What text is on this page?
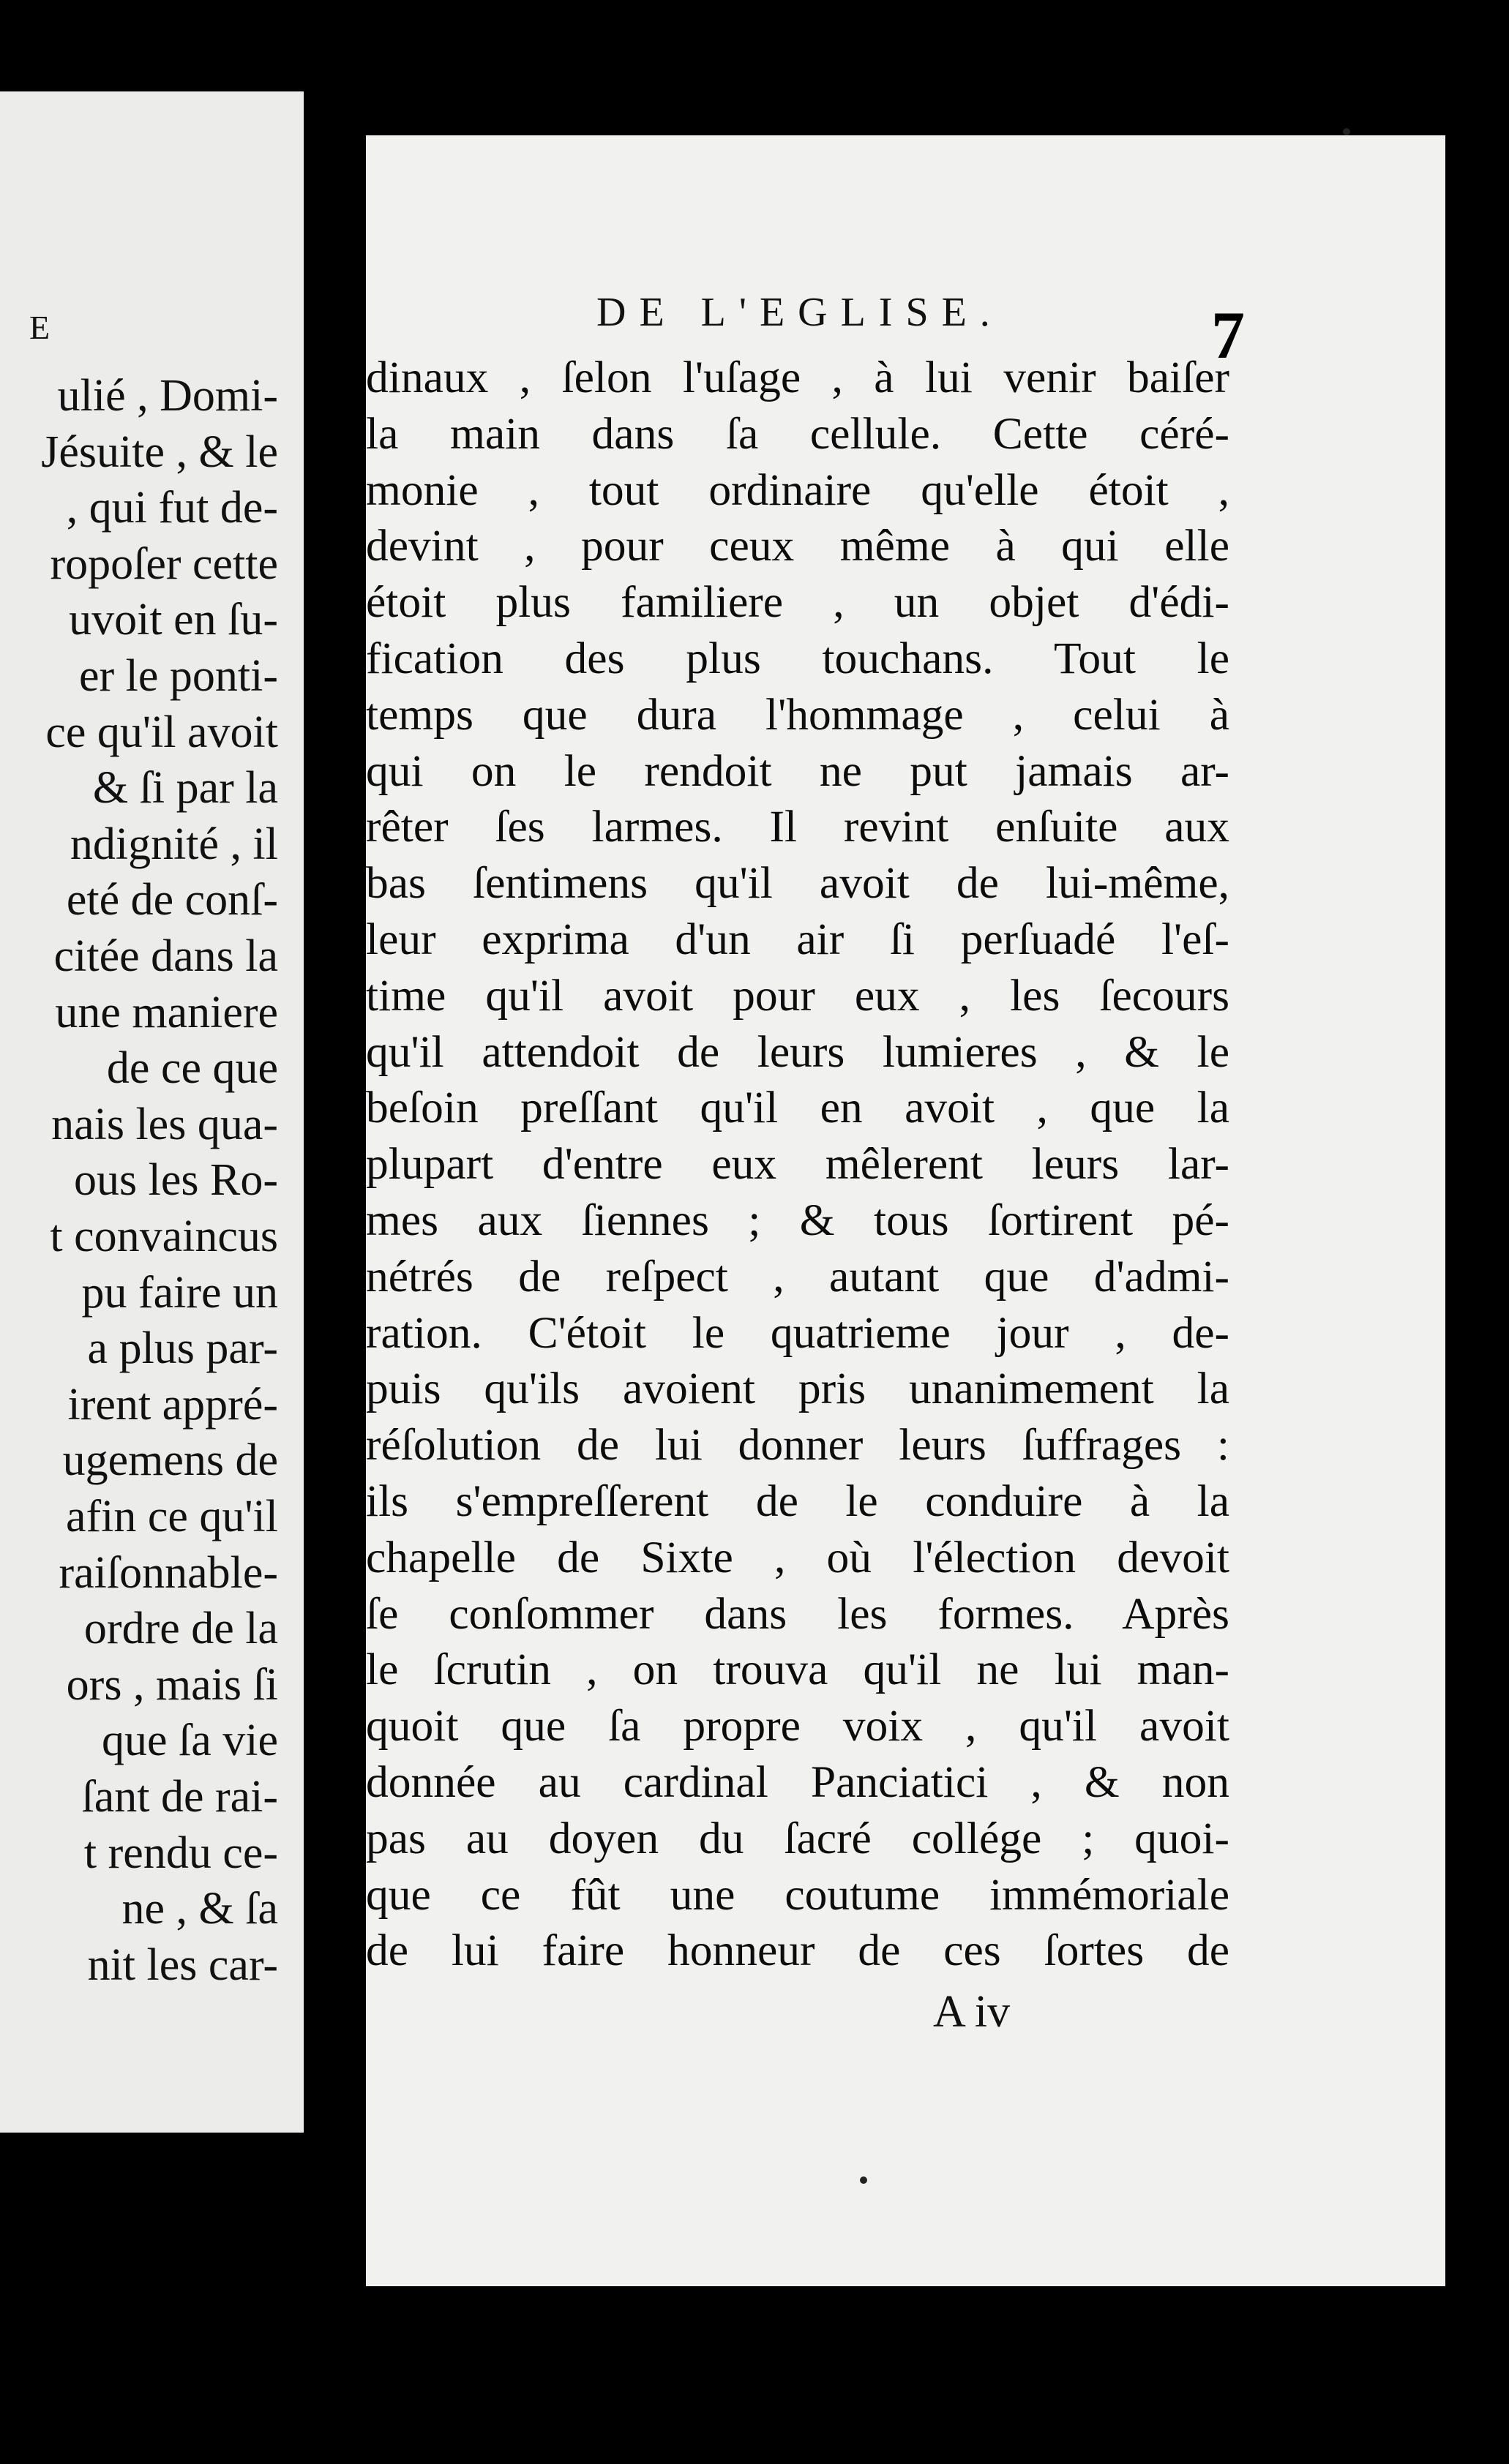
E
ulié , Domi-
Jésuite , & le
, qui fut de-
ropoſer cette
uvoit en ſu-
er le ponti-
ce qu'il avoit
& ſi par la
ndignité , il
eté de conſ-
citée dans la
une maniere
de ce que
nais les qua-
ous les Ro-
t convaincus
pu faire un
a plus par-
irent appré-
ugemens de
afin ce qu'il
raiſonnable-
ordre de la
ors , mais ſi
que ſa vie
ſant de rai-
t rendu ce-
ne , & ſa
nit les car-
DE L'EGLISE.	7
dinaux , ſelon l'uſage , à lui venir baiſer
la main dans ſa cellule. Cette céré-
monie , tout ordinaire qu'elle étoit ,
devint , pour ceux même à qui elle
étoit plus familiere , un objet d'édi-
fication des plus touchans. Tout le
temps que dura l'hommage , celui à
qui on le rendoit ne put jamais ar-
rêter ſes larmes. Il revint enſuite aux
bas ſentimens qu'il avoit de lui-même,
leur exprima d'un air ſi perſuadé l'eſ-
time qu'il avoit pour eux , les ſecours
qu'il attendoit de leurs lumieres , & le
beſoin preſſant qu'il en avoit , que la
plupart d'entre eux mêlerent leurs lar-
mes aux ſiennes ; & tous ſortirent pé-
nétrés de reſpect , autant que d'admi-
ration. C'étoit le quatrieme jour , de-
puis qu'ils avoient pris unanimement la
réſolution de lui donner leurs ſuffrages :
ils s'empreſſerent de le conduire à la
chapelle de Sixte , où l'élection devoit
ſe conſommer dans les formes. Après
le ſcrutin , on trouva qu'il ne lui man-
quoit que ſa propre voix , qu'il avoit
donnée au cardinal Panciatici , & non
pas au doyen du ſacré collége ; quoi-
que ce fût une coutume immémoriale
de lui faire honneur de ces ſortes de
A iv
